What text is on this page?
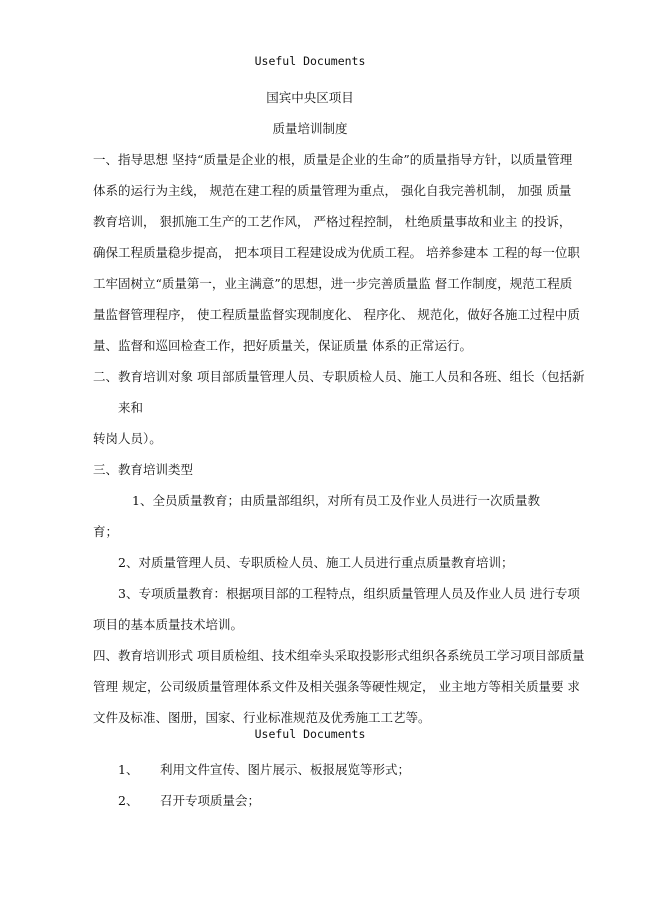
Useful Documents

国宾中央区项目

质量培训制度

一、指导思想 坚持“质量是企业的根，质量是企业的生命”的质量指导方针，以质量管理

体系的运行为主线， 规范在建工程的质量管理为重点， 强化自我完善机制， 加强 质量

教育培训， 狠抓施工生产的工艺作风， 严格过程控制， 杜绝质量事故和业主 的投诉，

确保工程质量稳步提高， 把本项目工程建设成为优质工程。 培养参建本 工程的每一位职

工牢固树立“质量第一，业主满意”的思想，进一步完善质量监 督工作制度，规范工程质

量监督管理程序， 使工程质量监督实现制度化、 程序化、 规范化，做好各施工过程中质

量、监督和巡回检查工作，把好质量关，保证质量 体系的正常运行。

二、教育培训对象 项目部质量管理人员、专职质检人员、施工人员和各班、组长（包括新

来和

转岗人员）。

三、教育培训类型

1、全员质量教育；由质量部组织，对所有员工及作业人员进行一次质量教

育；

2、对质量管理人员、专职质检人员、施工人员进行重点质量教育培训；

3、专项质量教育：根据项目部的工程特点，组织质量管理人员及作业人员 进行专项

项目的基本质量技术培训。

四、教育培训形式 项目质检组、技术组牵头采取投影形式组织各系统员工学习项目部质量

管理 规定，公司级质量管理体系文件及相关强条等硬性规定， 业主地方等相关质量要 求

文件及标准、图册，国家、行业标准规范及优秀施工工艺等。

Useful Documents

1、 利用文件宣传、图片展示、板报展览等形式；

2、 召开专项质量会；
